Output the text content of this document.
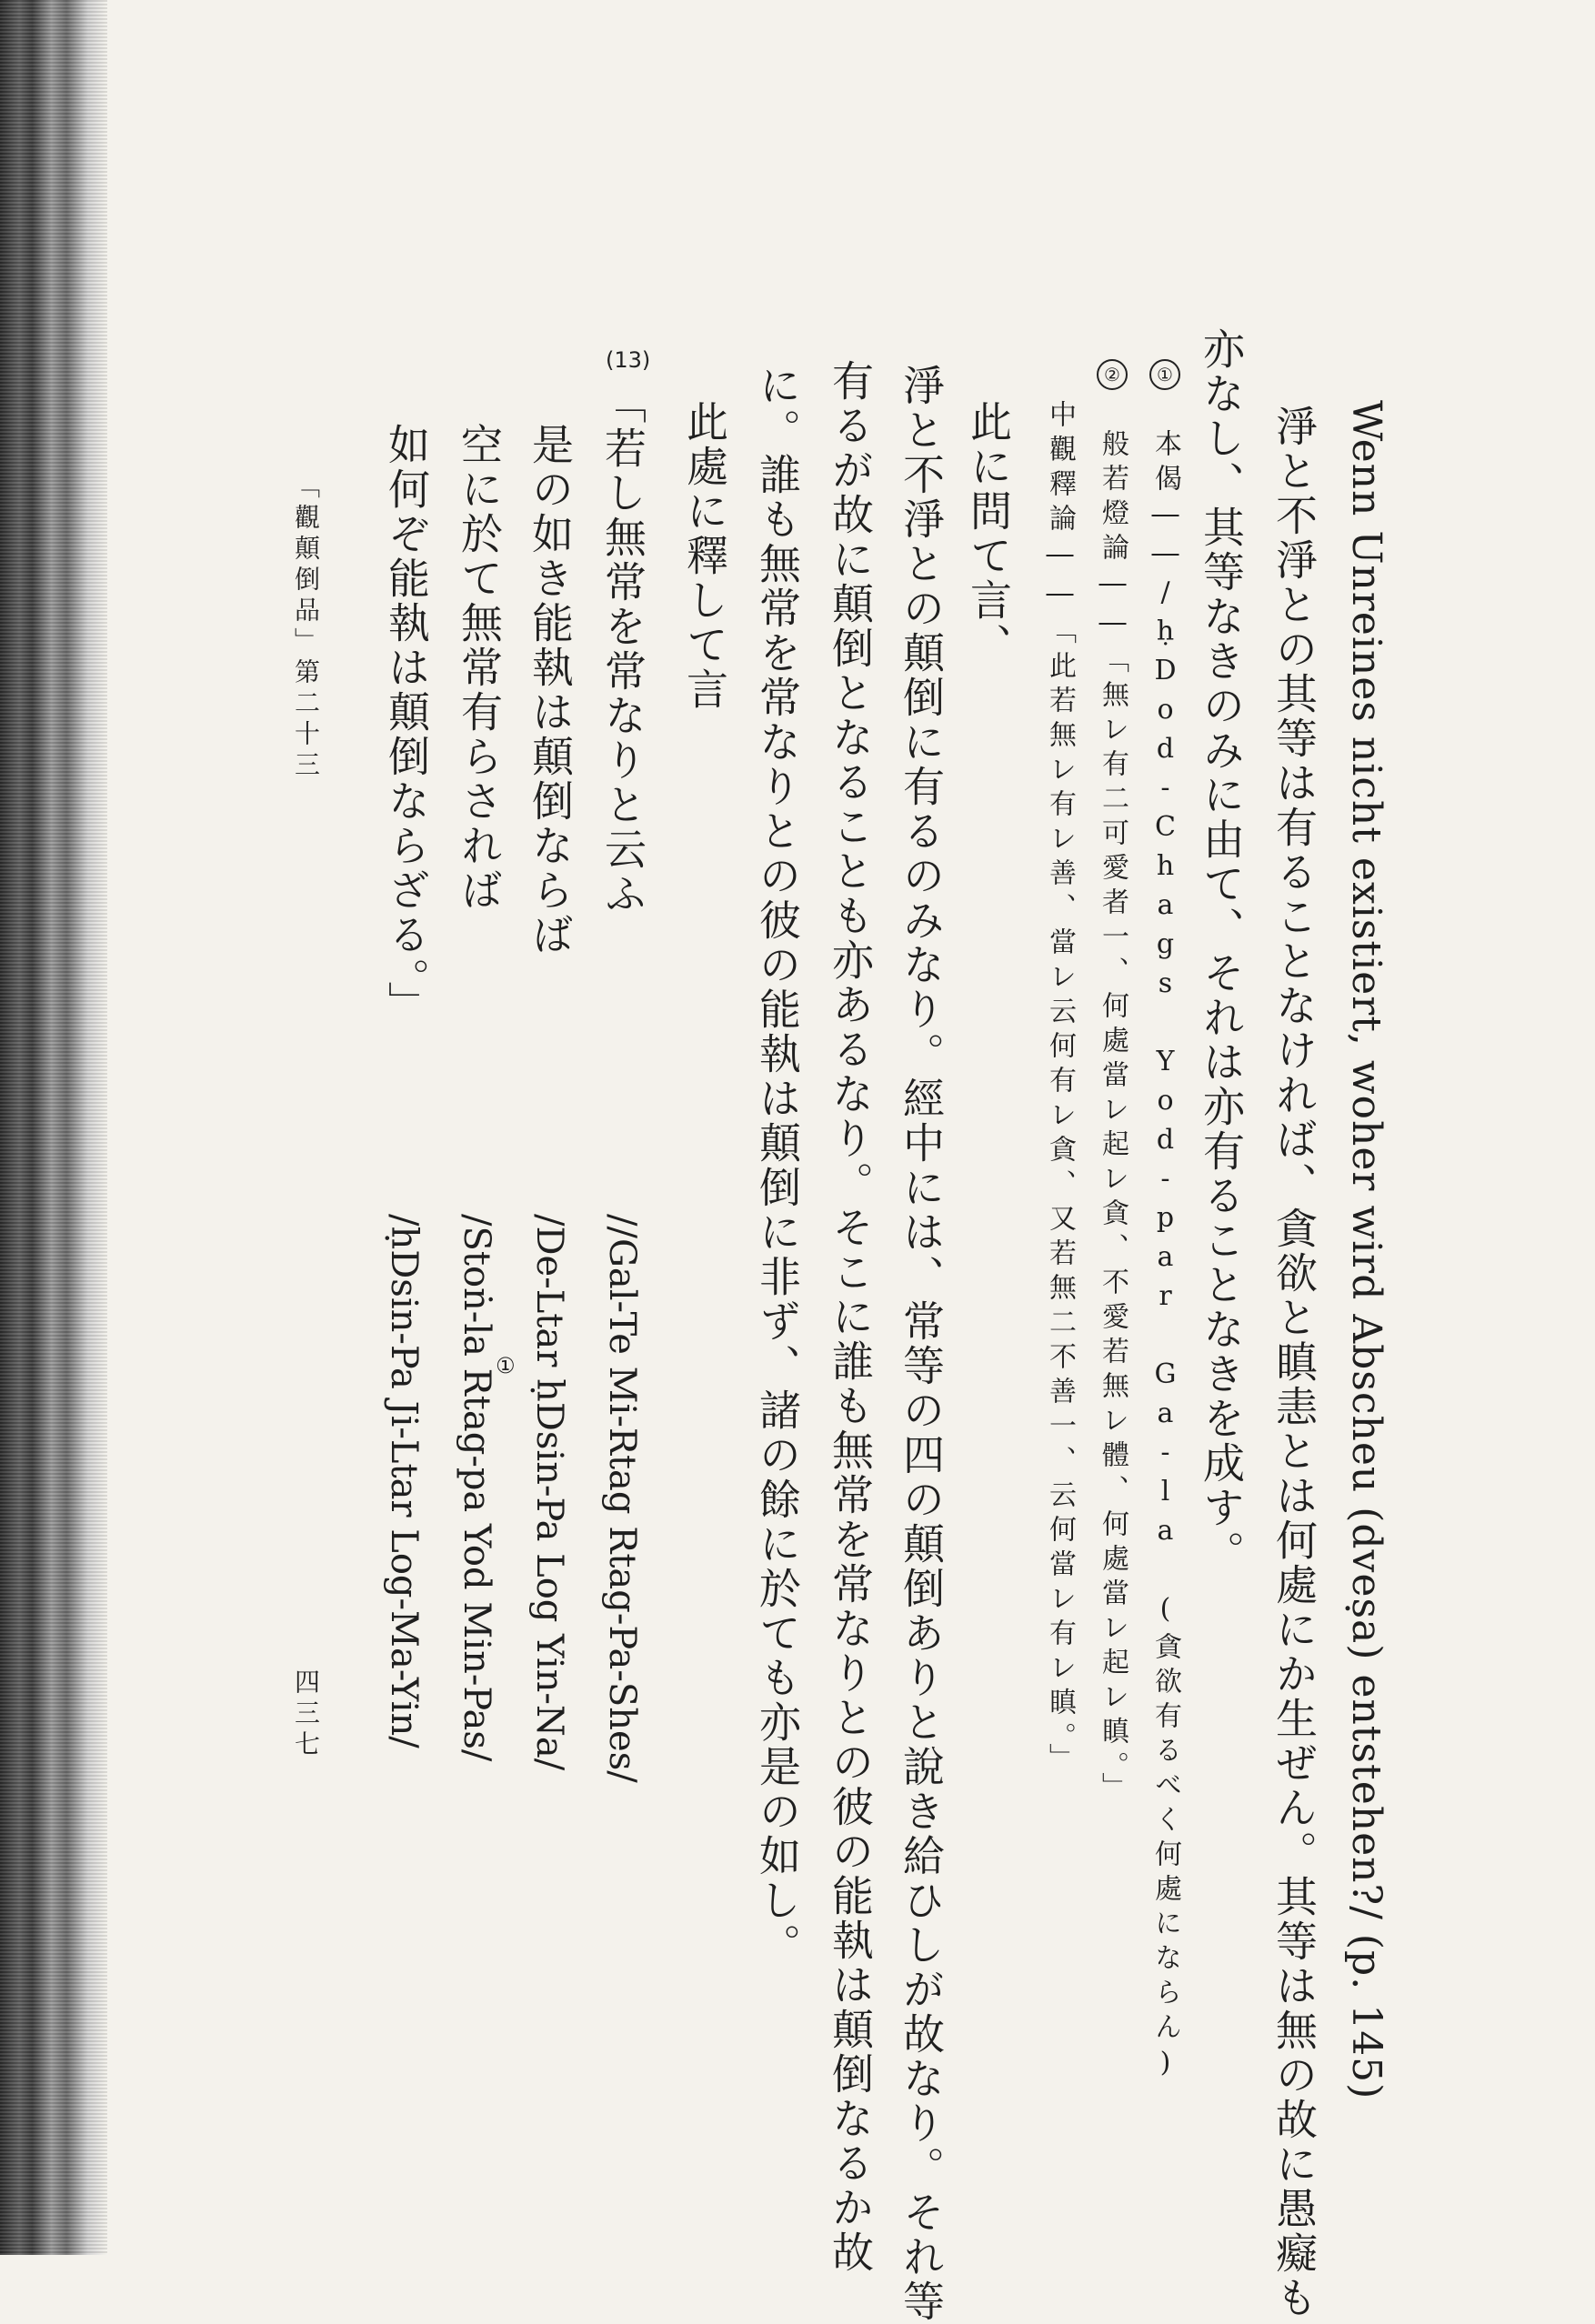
Wenn Unreines nicht existiert, woher wird Abscheu (dveṣa) entstehen?/ (p. 145)
淨と不淨との其等は有ることなければ、貪欲と瞋恚とは何處にか生ぜん。其等は無の故に愚癡も
亦なし、其等なきのみに由て、それは亦有ることなきを成す。
① 本偈――/ḥDod-Chags Yod-par Ga-la (貪欲有るべく何處にならん)
② 般若燈論――「無レ有二可愛者一、何處當レ起レ貪、不愛若無レ體、何處當レ起レ瞋。」
中觀釋論――「此若無レ有レ善、當レ云何有レ貪、又若無二不善一、云何當レ有レ瞋。」
此に問て言、
淨と不淨との顛倒に有るのみなり。經中には、常等の四の顛倒ありと說き給ひしが故なり。それ等
有るが故に顛倒となることも亦あるなり。そこに誰も無常を常なりとの彼の能執は顛倒なるか故
に。誰も無常を常なりとの彼の能執は顛倒に非ず、諸の餘に於ても亦是の如し。
此處に釋して言
(13)
「若し無常を常なりと云ふ
是の如き能執は顛倒ならば
空に於て無常有らされば
如何ぞ能執は顛倒ならざる。」
//Gal-Te Mi-Rtag Rtag-Pa-Shes/
/De-Ltar ḥDsin-Pa Log Yin-Na/
①
/Stoṅ-la Rtag-pa Yod Min-Pas/
/ḥDsin-Pa Ji-Ltar Log-Ma-Yin/
「觀顛倒品」第二十三
四三七
